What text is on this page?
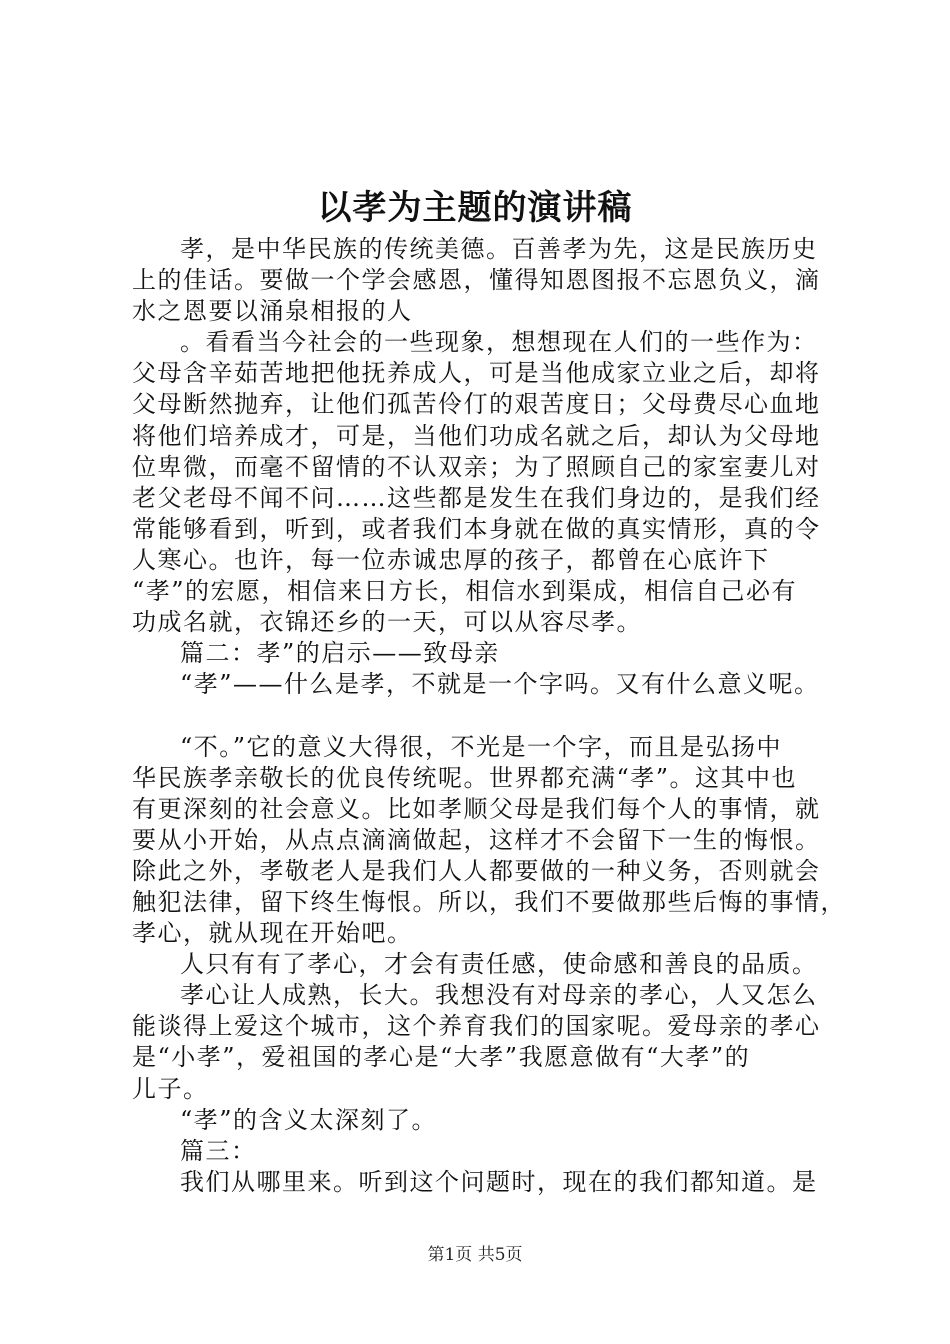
以孝为主题的演讲稿
孝，是中华民族的传统美德。百善孝为先，这是民族历史
上的佳话。要做一个学会感恩，懂得知恩图报不忘恩负义，滴
水之恩要以涌泉相报的人
。看看当今社会的一些现象，想想现在人们的一些作为：
父母含辛茹苦地把他抚养成人，可是当他成家立业之后，却将
父母断然抛弃，让他们孤苦伶仃的艰苦度日；父母费尽心血地
将他们培养成才，可是，当他们功成名就之后，却认为父母地
位卑微，而毫不留情的不认双亲；为了照顾自己的家室妻儿对
老父老母不闻不问……这些都是发生在我们身边的，是我们经
常能够看到，听到，或者我们本身就在做的真实情形，真的令
人寒心。也许，每一位赤诚忠厚的孩子，都曾在心底许下
“孝”的宏愿，相信来日方长，相信水到渠成，相信自己必有
功成名就，衣锦还乡的一天，可以从容尽孝。
篇二：孝”的启示——致母亲
“孝”——什么是孝，不就是一个字吗。又有什么意义呢。
“不。”它的意义大得很，不光是一个字，而且是弘扬中
华民族孝亲敬长的优良传统呢。世界都充满“孝”。这其中也
有更深刻的社会意义。比如孝顺父母是我们每个人的事情，就
要从小开始，从点点滴滴做起，这样才不会留下一生的悔恨。
除此之外，孝敬老人是我们人人都要做的一种义务，否则就会
触犯法律，留下终生悔恨。所以，我们不要做那些后悔的事情，
孝心，就从现在开始吧。
人只有有了孝心，才会有责任感，使命感和善良的品质。
孝心让人成熟，长大。我想没有对母亲的孝心，人又怎么
能谈得上爱这个城市，这个养育我们的国家呢。爱母亲的孝心
是“小孝”，爱祖国的孝心是“大孝”我愿意做有“大孝”的
儿子。
“孝”的含义太深刻了。
篇三：
我们从哪里来。听到这个问题时，现在的我们都知道。是
第1页 共5页
